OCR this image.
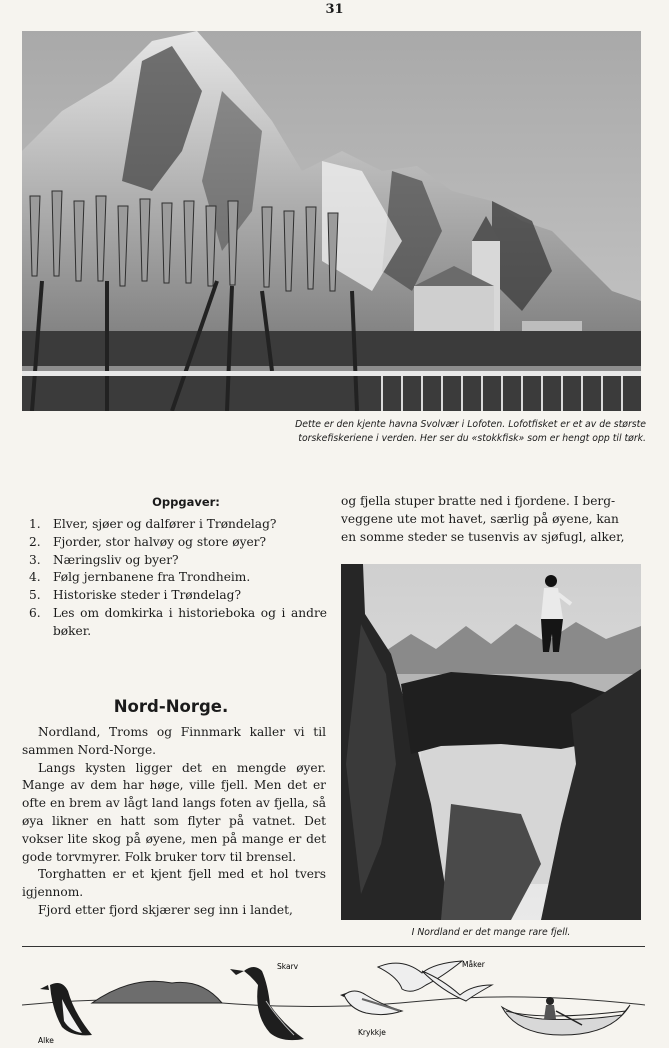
31
Dette er den kjente havna Svolvær i Lofoten. Lofotfisket er et av de største
torskefiskeriene i verden. Her ser du «stokkfisk» som er hengt opp til tørk.
Oppgaver:
1. Elver, sjøer og dalfører i Trøndelag?
2. Fjorder, stor halvøy og store øyer?
3. Næringsliv og byer?
4. Følg jernbanene fra Trondheim.
5. Historiske steder i Trøndelag?
6. Les om domkirka i historieboka og i andre bøker.
Nord-Norge.

Nordland, Troms og Finnmark kaller vi til sammen Nord-Norge.

Langs kysten ligger det en mengde øyer. Mange av dem har høge, ville fjell. Men det er ofte en brem av lågt land langs foten av fjella, så øya likner en hatt som flyter på vatnet. Det vokser lite skog på øyene, men på mange er det gode torvmyrer. Folk bruker torv til brensel.

Torghatten er et kjent fjell med et hol tvers igjennom.

Fjord etter fjord skjærer seg inn i landet,

og fjella stuper bratte ned i fjordene. I berg-
veggene ute mot havet, særlig på øyene, kan
en somme steder se tusenvis av sjøfugl, alker,
I Nordland er det mange rare fjell.
Alke
Skarv
Krykkje
Måker
